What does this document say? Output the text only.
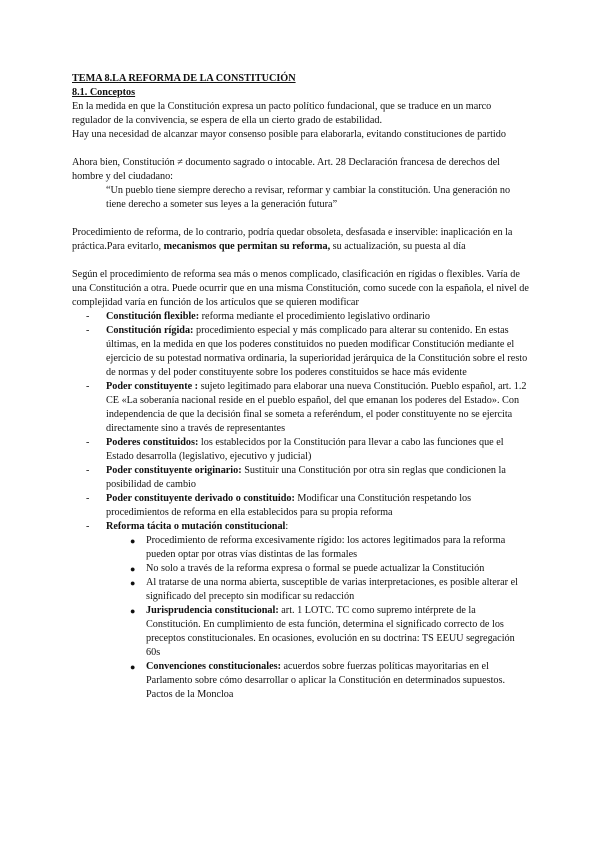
TEMA 8.LA REFORMA DE LA CONSTITUCIÓN

8.1. Conceptos

En la medida en que la Constitución expresa un pacto político fundacional, que se traduce en un marco regulador de la convivencia, se espera de ella un cierto grado de estabilidad.

Hay una necesidad de alcanzar mayor consenso posible para elaborarla, evitando constituciones de partido

Ahora bien, Constitución ≠ documento sagrado o intocable. Art. 28 Declaración francesa de derechos del hombre y del ciudadano:

“Un pueblo tiene siempre derecho a revisar, reformar y cambiar la constitución. Una generación no tiene derecho a someter sus leyes a la generación futura”

Procedimiento de reforma, de lo contrario, podría quedar obsoleta, desfasada e inservible: inaplicación en la práctica.Para evitarlo, mecanismos que permitan su reforma, su actualización, su puesta al día

Según el procedimiento de reforma sea más o menos complicado, clasificación en rígidas o flexibles. Varía de una Constitución a otra. Puede ocurrir que en una misma Constitución, como sucede con la española, el nivel de complejidad varía en función de los artículos que se quieren modificar

- Constitución flexible: reforma mediante el procedimiento legislativo ordinario
- Constitución rígida: procedimiento especial y más complicado para alterar su contenido. En estas últimas, en la medida en que los poderes constituidos no pueden modificar Constitución mediante el ejercicio de su potestad normativa ordinaria, la superioridad jerárquica de la Constitución sobre el resto de normas y del poder constituyente sobre los poderes constituidos se hace más evidente
- Poder constituyente : sujeto legitimado para elaborar una nueva Constitución. Pueblo español, art. 1.2 CE «La soberanía nacional reside en el pueblo español, del que emanan los poderes del Estado». Con independencia de que la decisión final se someta a referéndum, el poder constituyente no se ejercita directamente sino a través de representantes
- Poderes constituidos: los establecidos por la Constitución para llevar a cabo las funciones que el Estado desarrolla (legislativo, ejecutivo y judicial)
- Poder constituyente originario: Sustituir una Constitución por otra sin reglas que condicionen la posibilidad de cambio
- Poder constituyente derivado o constituido: Modificar una Constitución respetando los procedimientos de reforma en ella establecidos para su propia reforma
- Reforma tácita o mutación constitucional:
● Procedimiento de reforma excesivamente rígido: los actores legitimados para la reforma pueden optar por otras vías distintas de las formales
● No solo a través de la reforma expresa o formal se puede actualizar la Constitución
● Al tratarse de una norma abierta, susceptible de varias interpretaciones, es posible alterar el significado del precepto sin modificar su redacción
● Jurisprudencia constitucional: art. 1 LOTC. TC como supremo intérprete de la Constitución. En cumplimiento de esta función, determina el significado correcto de los preceptos constitucionales. En ocasiones, evolución en su doctrina: TS EEUU segregación 60s
● Convenciones constitucionales: acuerdos sobre fuerzas políticas mayoritarias en el Parlamento sobre cómo desarrollar o aplicar la Constitución en determinados supuestos. Pactos de la Moncloa
